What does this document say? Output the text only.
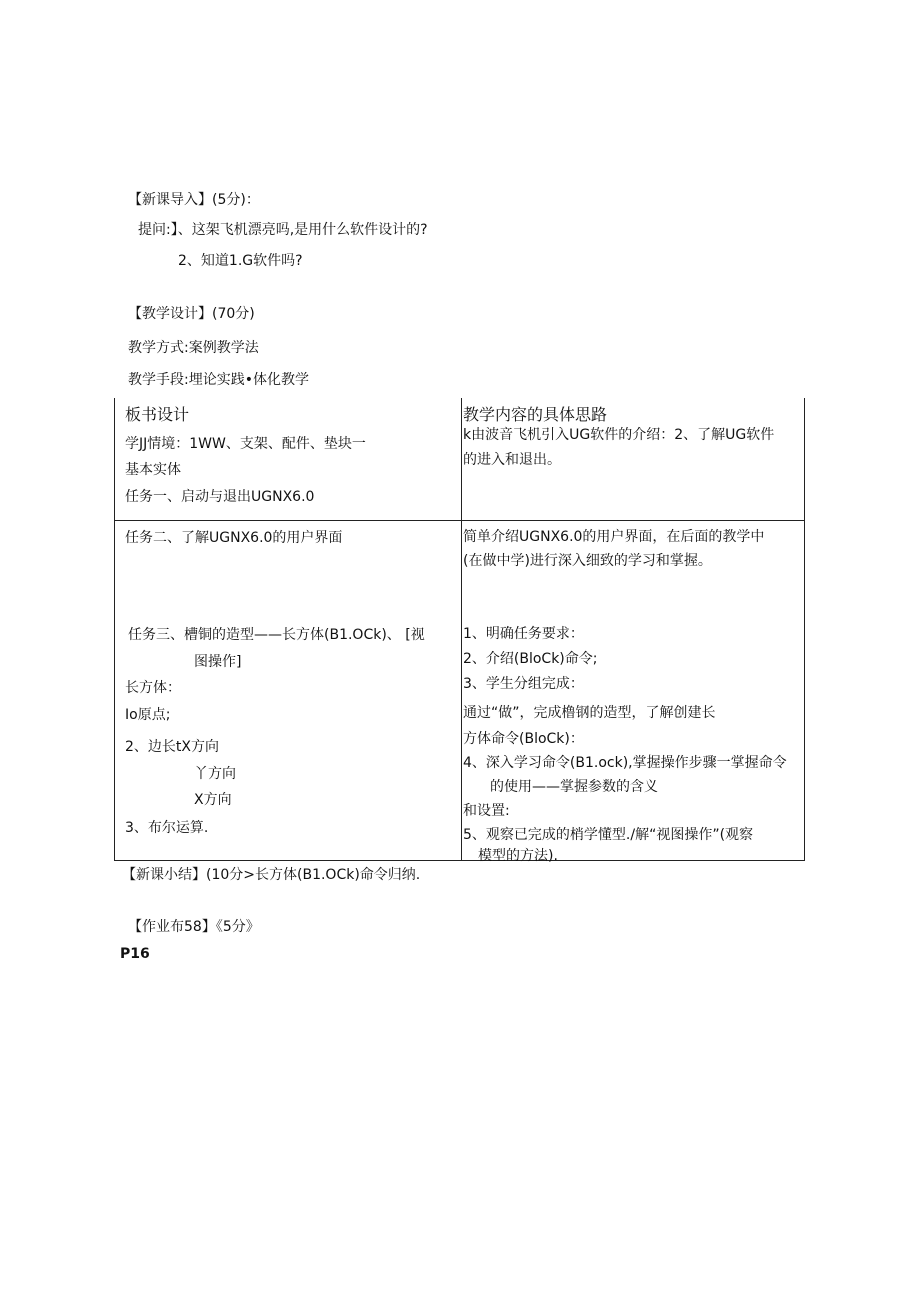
【新课导入】(5分)：
提问:】、这架飞机漂亮吗,是用什么软件设计的?
2、知道1.G软件吗?
【教学设计】(70分)
教学方式:案例教学法
教学手段:埋论实践•体化教学
板书设计	教学内容的具体思路
学JJ情境：1WW、支架、配件、垫块一
基本实体
任务一、启动与退出UGNX6.0
k由波音飞机引入UG软件的介绍：2、了解UG软件
的进入和退出。
任务二、了解UGNX6.0的用户界面
任务三、槽铜的造型——长方体(B1.OCk)、 [视
图操作]
长方体：
Io原点;
2、边长tX方向
丫方向
X方向
3、布尔运算.
简单介绍UGNX6.0的用户界面，在后面的教学中
(在做中学)进行深入细致的学习和掌握。
1、明确任务要求：
2、介绍(BloCk)命令;
3、学生分组完成：
通过“做”，完成橹钢的造型，了解创建长
方体命令(BloCk)：
4、深入学习命令(B1.ock),掌握操作步骤一掌握命令
的使用——掌握参数的含义
和设置:
5、观察已完成的梢学懂型./解“视图操作”(观察
模型的方法).
【新课小结】(10分>长方体(B1.OCk)命令归纳.
【作业布58】《5分》
P16
